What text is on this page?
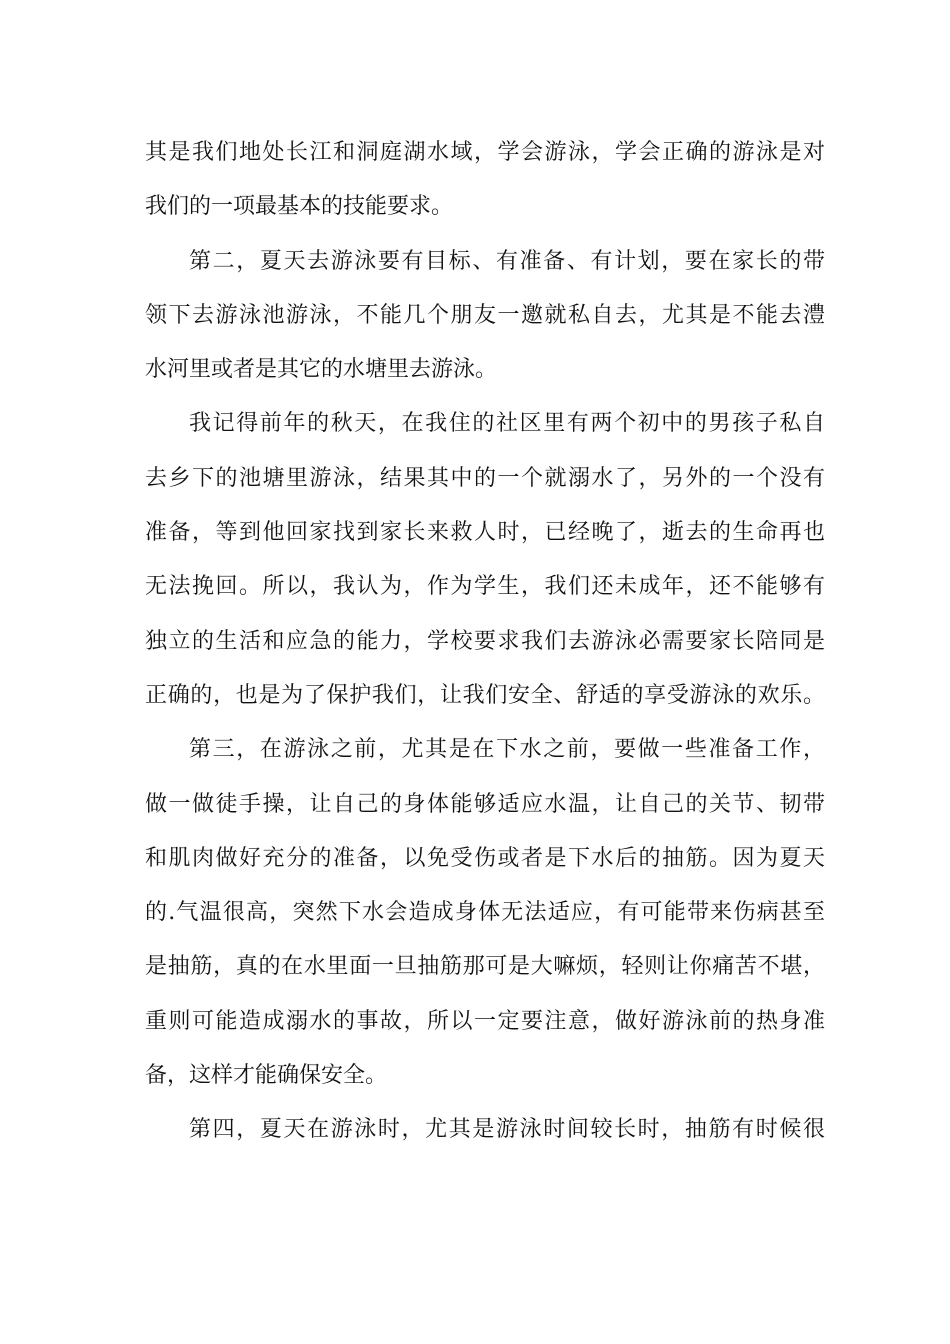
其是我们地处长江和洞庭湖水域，学会游泳，学会正确的游泳是对
我们的一项最基本的技能要求。
第二，夏天去游泳要有目标、有准备、有计划，要在家长的带
领下去游泳池游泳，不能几个朋友一邀就私自去，尤其是不能去澧
水河里或者是其它的水塘里去游泳。
我记得前年的秋天，在我住的社区里有两个初中的男孩子私自
去乡下的池塘里游泳，结果其中的一个就溺水了，另外的一个没有
准备，等到他回家找到家长来救人时，已经晚了，逝去的生命再也
无法挽回。所以，我认为，作为学生，我们还未成年，还不能够有
独立的生活和应急的能力，学校要求我们去游泳必需要家长陪同是
正确的，也是为了保护我们，让我们安全、舒适的享受游泳的欢乐。
第三，在游泳之前，尤其是在下水之前，要做一些准备工作，
做一做徒手操，让自己的身体能够适应水温，让自己的关节、韧带
和肌肉做好充分的准备，以免受伤或者是下水后的抽筋。因为夏天
的.气温很高，突然下水会造成身体无法适应，有可能带来伤病甚至
是抽筋，真的在水里面一旦抽筋那可是大嘛烦，轻则让你痛苦不堪，
重则可能造成溺水的事故，所以一定要注意，做好游泳前的热身准
备，这样才能确保安全。
第四，夏天在游泳时，尤其是游泳时间较长时，抽筋有时候很
